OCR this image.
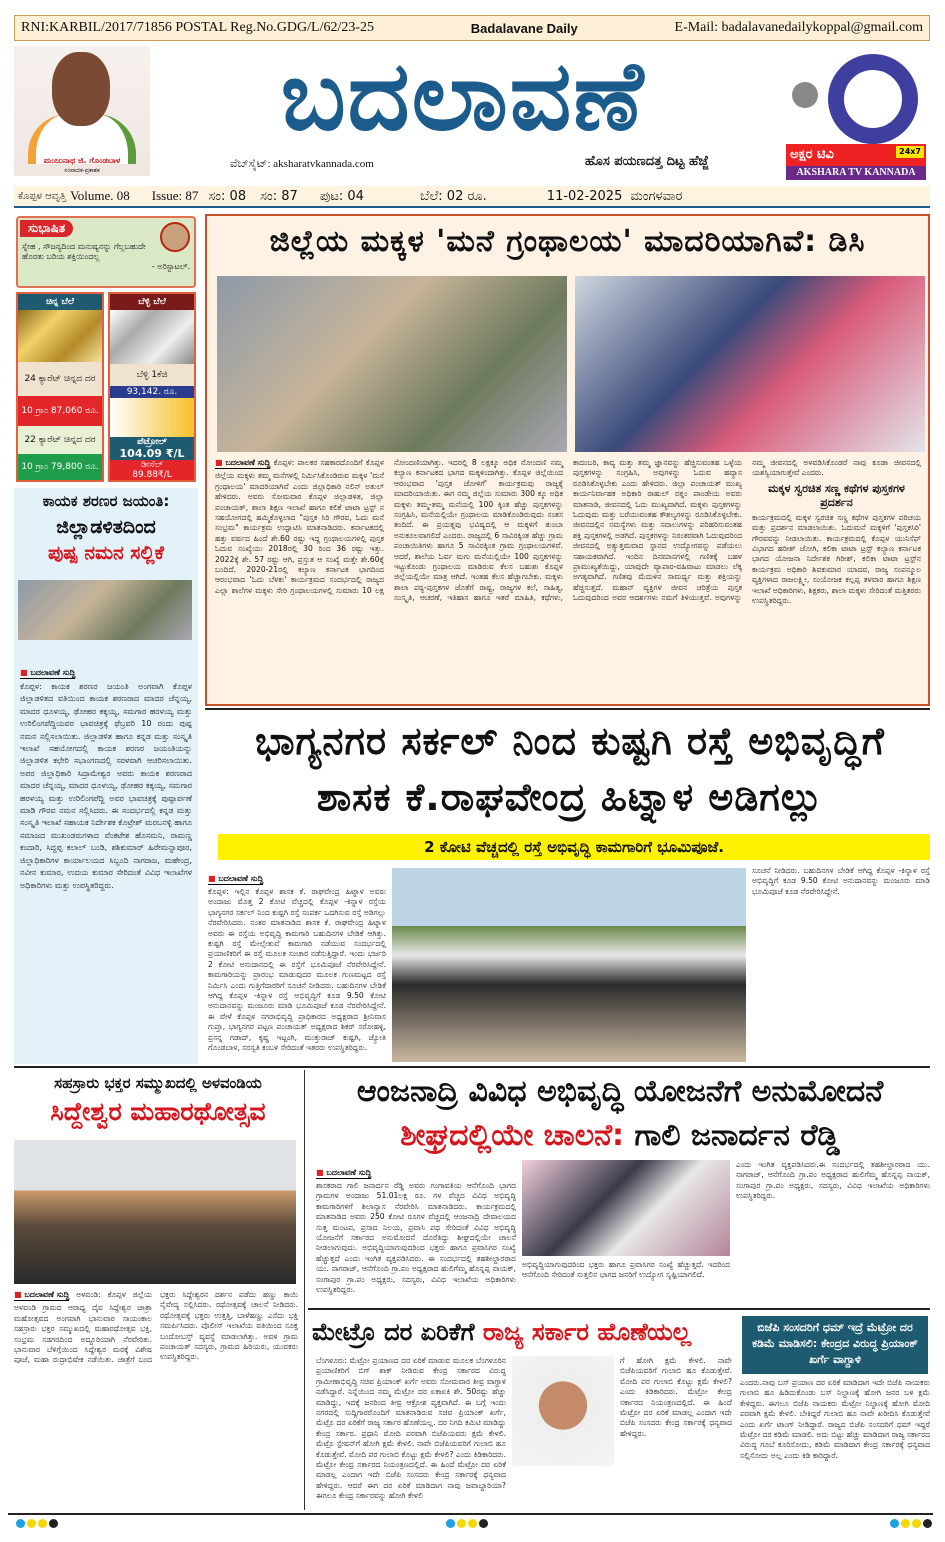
RNI:KARBIL/2017/71856 POSTAL Reg.No.GDG/L/62/23-25	Badalavane Daily	E-Mail: badalavanedailykoppal@gmail.com
ಮಂಜುನಾಥ ಜಿ. ಗೊಂಡಬಾಳ
ಸಂಪಾದಕ-ಪ್ರಕಾಶಕ
ಬದಲಾವಣೆ
ವೆಬ್‌ಸೈಟ್: aksharatvkannada.com	ಹೊಸ ಪಯಣದತ್ತ ದಿಟ್ಟ ಹೆಜ್ಜೆ	ಅಕ್ಷರ ಟಿವಿ	24x7
AKSHARA TV KANNADA
ಕೊಪ್ಪಳ ಆವೃತ್ತಿ Volume. 08 Issue: 87 ಸಂ: 08 ಸಂ: 87 ಪುಟ: 04	ಬೆಲೆ: 02 ರೂ.	11-02-2025 ಮಂಗಳವಾರ
ಸುಭಾಷಿತ
ಸ್ನೇಹ , ಸೌಜನ್ಯದಿಂದ ಮನುಷ್ಯನನ್ನು ಗೆಲ್ಲಬಹುದೇ ಹೊರತು ಬರಿಯ ಶಕ್ತಿಯಿಂದಲ್ಲ
- ಅರಿಸ್ಟಾಟಲ್.
ಚಿನ್ನ ಬೆಲೆ
24 ಕ್ಯಾರೆಟ್ ಚಿನ್ನದ ದರ
10 ಗ್ರಾಂ 87,060 ರೂ.
22 ಕ್ಯಾರೆಟ್ ಚಿನ್ನದ ದರ
10 ಗ್ರಾಂ 79,800 ರೂ.
ಬೆಳ್ಳಿ ಬೆಲೆ
ಬೆಳ್ಳಿ 1ಕೆಜಿ
93,142. ರೂ.
ಪೆಟ್ರೋಲ್
104.09 ₹/L
ಡೀಸೆಲ್
89.88₹/L
ಕಾಯಕ ಶರಣರ ಜಯಂತಿ:
ಜಿಲ್ಲಾಡಳಿತದಿಂದ
ಪುಷ್ಪ ನಮನ ಸಲ್ಲಿಕೆ
■ ಬದಲಾವಣೆ ಸುದ್ದಿ
ಕೊಪ್ಪಳ: ಕಾಯಕ ಶರಣರ ಜಯಂತಿ ಅಂಗವಾಗಿ ಕೊಪ್ಪಳ ಜಿಲ್ಲಾಡಳಿತದ ವತಿಯಿಂದ ಕಾಯಕ ಶರಣರಾದ ಮಾದರ ಚೆನ್ನಯ್ಯ, ಮಾದರ ಧೂಳಯ್ಯ, ಢೋಹರ ಕಕ್ಕಯ್ಯ, ಸಮಗಾರ ಹರಳಯ್ಯ ಮತ್ತು ಉರಿಲಿಂಗಪೆದ್ದಿಯವರ ಭಾವಚಿತ್ರಕ್ಕೆ ಫೆಬ್ರವರಿ 10 ರಂದು ಪುಷ್ಪ ನಮನ ಸಲ್ಲಿಸಲಾಯಿತು. ಜಿಲ್ಲಾಡಳಿತ ಹಾಗೂ ಕನ್ನಡ ಮತ್ತು ಸಂಸ್ಕೃತಿ ಇಲಾಖೆ ಸಹಯೋಗದಲ್ಲಿ ಕಾಯಕ ಶರಣರ ಜಯಂತಿಯನ್ನು ಜಿಲ್ಲಾಡಳಿತ ಕಛೇರಿ ಸಭಾಂಗಣದಲ್ಲಿ ಸರಳವಾಗಿ ಆಚರಿಸಲಾಯಿತು. ಅಪರ ಜಿಲ್ಲಾಧಿಕಾರಿ ಸಿದ್ರಾಮೇಶ್ವರ ಅವರು ಕಾಯಕ ಶರಣರಾದ ಮಾದರ ಚೆನ್ನಯ್ಯ, ಮಾದರ ಧೂಳಯ್ಯ, ಢೋಹರ ಕಕ್ಕಯ್ಯ, ಸಮಗಾರ ಹರಳಯ್ಯ ಮತ್ತು ಉರಿಲಿಂಗಪೆದ್ದಿ ಅವರ ಭಾವಚಿತ್ರಕ್ಕೆ ಪುಷ್ಪಾರ್ಪಣೆ ಮಾಡಿ ಗೌರವ ನಮನ ಸಲ್ಲಿಸಿದರು. ಈ ಸಂದರ್ಭದಲ್ಲಿ ಕನ್ನಡ ಮತ್ತು ಸಂಸ್ಕೃತಿ ಇಲಾಖೆ ಸಹಾಯಕ ನಿರ್ದೇಶಕ ಕೊಟ್ರೇಶ್ ಮರಬನಳ್ಳಿ ಹಾಗೂ ಸಮಾಜದ ಮುಖಂಡರುಗಳಾದ ವೆಂಕಟೇಶ ಹೊಸಮನಿ, ರಾಮಣ್ಣ ಕಂದಾರಿ, ಸಿದ್ದಪ್ಪ ಕಲಾಲ್ ಬಂಡಿ, ಶಶಿಕುಮಾರ್ ಹಿರೇಮನ್ನಾಪೂರ, ಜಿಲ್ಲಾಧಿಕಾರಿಗಳ ಕಾರ್ಯಾಲಯದ ಸಿಬ್ಬಂದಿ ನಾಗರಾಜ, ಮಹೇಂದ್ರ, ನವೀನ ಕುಮಾರ, ಉದಯ ಕುಮಾರ ಸೇರಿದಂತೆ ವಿವಿಧ ಇಲಾಖೆಗಳ ಅಧಿಕಾರಿಗಳು ಮತ್ತು ಉಪಸ್ಥಿತರಿದ್ದರು.
ಜಿಲ್ಲೆಯ ಮಕ್ಕಳ 'ಮನೆ ಗ್ರಂಥಾಲಯ' ಮಾದರಿಯಾಗಿವೆ: ಡಿಸಿ
■ ಬದಲಾವಣೆ ಸುದ್ದಿ ಕೊಪ್ಪಳ: ಪಾಲಕರ ಸಹಕಾರದೊಂದಿಗೆ ಕೊಪ್ಪಳ ಜಿಲ್ಲೆಯ ಮಕ್ಕಳು ತಮ್ಮ ಮನೆಗಳಲ್ಲಿ ನಿರ್ಮಿಸಿಕೊಂಡಿರುವ ಮಕ್ಕಳ 'ಮನೆ ಗ್ರಂಥಾಲಯ' ಮಾದರಿಯಾಗಿವೆ ಎಂದು ಜಿಲ್ಲಾಧಿಕಾರಿ ನಲಿನ್ ಅತುಲ್ ಹೇಳಿದರು. ಅವರು ಸೋಮವಾರ ಕೊಪ್ಪಳ ಜಿಲ್ಲಾಡಳಿತ, ಜಿಲ್ಲಾ ಪಂಚಾಯತ್, ಶಾಲಾ ಶಿಕ್ಷಣ ಇಲಾಖೆ ಹಾಗೂ ಕಲಿಕೆ ಟಾಟಾ ಟ್ರಸ್ಟ್ ನ ಸಹಯೋಗದಲ್ಲಿ ಹಮ್ಮಿಕೊಳ್ಳಲಾದ "ಪುಸ್ತಕ ಸಿರಿ ಗೌರವ, ಓದು ಮನೆ ಸಂಭ್ರಮ" ಕಾರ್ಯಕ್ರಮ ಉದ್ಘಾಟಿಸಿ ಮಾತನಾಡಿದರು. ಕರ್ನಾಟಕದಲ್ಲಿ ಹತ್ತು ವರ್ಷದ ಹಿಂದೆ ಶೇ.60 ರಷ್ಟು ಇದ್ದ ಗ್ರಂಥಾಲಯಗಳಲ್ಲಿ ಪುಸ್ತಕ ಓದುವ ಸಂಖ್ಯೆಯು 2018ರಲ್ಲಿ 30 ರಿಂದ 36 ರಷ್ಟು ಇತ್ತು. 2022ಕ್ಕೆ ಶೇ. 57 ರಷ್ಟು ಆಗಿ, ಪ್ರಸ್ತುತ ಆ ಸಂಖ್ಯೆ ಮತ್ತೇ ಶೇ.60ಕ್ಕೆ ಬಂದಿದೆ. 2020-21ರಲ್ಲಿ ಕಲ್ಯಾಣ ಕರ್ನಾಟಕ ಭಾಗದಿಂದ ಆರಂಭವಾದ 'ಓದು ಬೆಳಕು' ಕಾರ್ಯಕ್ರಮದ ಸಂದರ್ಭದಲ್ಲಿ ರಾಜ್ಯದ ಎಲ್ಲಾ ಶಾಲೆಗಳ ಮಕ್ಕಳು ಸೇರಿ ಗ್ರಂಥಾಲಯಗಳಲ್ಲಿ ಸುಮಾರು 10 ಲಕ್ಷ ನೋಂದಣಿಯಾಗಿತ್ತು. ಇದರಲ್ಲಿ 8 ಲಕ್ಷಕ್ಕೂ ಅಧಿಕ ನೋಂದಣಿ ನಮ್ಮ ಕಲ್ಯಾಣ ಕರ್ನಾಟಕದ ಭಾಗದ ಮಕ್ಕಳಿಂದಾಗಿತ್ತು. ಕೊಪ್ಪಳ ಜಿಲ್ಲೆಯಿಂದ ಆರಂಭವಾದ 'ಪುಸ್ತಕ ಜೋಳಿಗೆ' ಕಾರ್ಯಕ್ರಮವು ರಾಜ್ಯಕ್ಕೆ ಮಾದರಿಯಾಯಿತು. ಈಗ ನಮ್ಮ ಜಿಲ್ಲೆಯ ಸುಮಾರು 300 ಕ್ಕೂ ಅಧಿಕ ಮಕ್ಕಳು ತಮ್ಮ-ತಮ್ಮ ಮನೆಯಲ್ಲಿ 100 ಕ್ಕಿಂತ ಹೆಚ್ಚು ಪುಸ್ತಕಗಳನ್ನು ಸಂಗ್ರಹಿಸಿ, ಮನೆಯಲ್ಲಿಯೇ ಗ್ರಂಥಾಲಯ ಮಾಡಿಕೊಂಡಿರುವುದು ಸಂತಸ ತಂದಿದೆ. ಈ ಪ್ರಯತ್ನವು ಭವಿಷ್ಯದಲ್ಲಿ ಆ ಮಕ್ಕಳಿಗೆ ತುಂಬಾ ಅನುಕೂಲವಾಗಲಿದೆ ಎಂದರು. ರಾಜ್ಯದಲ್ಲಿ 6 ಸಾವಿರಕ್ಕಿಂತ ಹೆಚ್ಚು ಗ್ರಾಮ ಪಂಚಾಯಿತಿಗಳು ಹಾಗೂ 5 ಸಾವಿರಕ್ಕಿಂತ ಗ್ರಾಮ ಗ್ರಂಥಾಲಯಗಳಿವೆ. ಆದರೆ, ಶಾಲೆಯ ಓರ್ವ ಮಗು ಮನೆಯಲ್ಲಿಯೇ 100 ಪುಸ್ತಕಗಳನ್ನು ಇಟ್ಟುಕೊಂಡು ಗ್ರಂಥಾಲಯ ಮಾಡಿರುವ ಕೆಲಸ ಬಹುಶಃ ಕೊಪ್ಪಳ ಜಿಲ್ಲೆಯಲ್ಲಿಯೇ ಮಾತ್ರ ಆಗಿದೆ. ಇಂತಹ ಕೆಲಸ ಹೆಚ್ಚಾಗಬೇಕು. ಮಕ್ಕಳು ಶಾಲಾ ಪಠ್ಯ-ಪುಸ್ತಕಗಳ ಜೊತೆಗೆ ರಾಷ್ಟ್ರ, ರಾಜ್ಯಗಳ ಕಲೆ, ಸಾಹಿತ್ಯ, ಸಂಸ್ಕೃತಿ, ಆಚರಣೆ, ಇತಿಹಾಸ ಹಾಗೂ ಇತರೆ ಮಾಹಿತಿ, ಕಥೆಗಳು, ಕಾದಂಬರಿ, ಕಾವ್ಯ ಮತ್ತು ತಮ್ಮ ಜ್ಞಾನವನ್ನು ಹೆಚ್ಚಿಸುವಂತಹ ಒಳ್ಳೆಯ ಪುಸ್ತಕಗಳನ್ನು ಸಂಗ್ರಹಿಸಿ, ಅವುಗಳನ್ನು ಓದುವ ಹವ್ಯಾಸ ರೂಡಿಸಿಕೊಳ್ಳಬೇಕು ಎಂದು ಹೇಳಿದರು. ಜಿಲ್ಲಾ ಪಂಚಾಯತ್ ಮುಖ್ಯ ಕಾರ್ಯನಿರ್ವಾಹಕ ಅಧಿಕಾರಿ ರಾಹುಲ್ ರತ್ನಂ ಪಾಂಡೇಯ ಅವರು ಮಾತನಾಡಿ, ಜೀವನದಲ್ಲಿ ಓದು ಮುಖ್ಯವಾಗಿದೆ. ಮಕ್ಕಳು ಪುಸ್ತಕಗಳನ್ನು ಓದುವುದು ಮತ್ತು ಬರೆಯುವಂತಹ ಕೌಶಲ್ಯಗಳನ್ನು ರೂಡಿಸಿಕೊಳ್ಳಬೇಕು. ಜೀವನದಲ್ಲಿನ ಸಮಸ್ಯೆಗಳು ಮತ್ತು ಸವಾಲುಗಳನ್ನು ಪರಿಹರಿಸುವಂತಹ ಶಕ್ತಿ ಪುಸ್ತಕಗಳಲ್ಲಿ ಅಡಗಿದೆ. ಪುಸ್ತಕಗಳನ್ನು ನಿರಂತರವಾಗಿ ಓದುವುದರಿಂದ ಜೀವನದಲ್ಲಿ ಅತ್ಯುತ್ತಮವಾದ ಸ್ಥಾನದ ಉದ್ಯೋಗವನ್ನು ಪಡೆಯಲು ಸಹಾಯಕವಾಗಿದೆ. ಇಂದಿನ ದಿನಮಾನಗಳಲ್ಲಿ ಗಣಿತಕ್ಕೆ ಬಹಳ ಪ್ರಾಮುಖ್ಯತೆಯಿದ್ದು, ಯಾವುದೇ ವ್ಯಾಪಾರ-ವಹಿವಾಟು ಮಾಡಲು ಲೆಕ್ಕ ಅಗತ್ಯವಾಗಿದೆ. ಗಣಿತವು ಮೆದುಳಿನ ಸಾಮರ್ಥ್ಯ ಮತ್ತು ಶಕ್ತಿಯನ್ನು ಹೆಚ್ಚಿಸುತ್ತದೆ. ಮಹಾನ್ ವ್ಯಕ್ತಿಗಳ ಜೀವನ ಚರಿತ್ರೆಯ ಪುಸ್ತಕ ಓದುವುದರಿಂದ ಅವರ ಆದರ್ಶಗಳು ನಮಗೆ ತಿಳಿಯುತ್ತವೆ. ಅವುಗಳನ್ನು ನಮ್ಮ ಜೀವನದಲ್ಲಿ ಅಳವಡಿಸಿಕೊಂಡರೆ ನಾವು ಕೂಡಾ ಜೀವನದಲ್ಲಿ ಯಶಸ್ವಿಯಾಗುತ್ತೇವೆ ಎಂದರು.
ಮಕ್ಕಳ ಸ್ವರಚಿತ ಸಣ್ಣ ಕಥೆಗಳ ಪುಸ್ತಕಗಳ ಪ್ರದರ್ಶನ
ಕಾರ್ಯಕ್ರಮದಲ್ಲಿ ಮಕ್ಕಳ ಸ್ವರಚಿತ ಸಣ್ಣ ಕಥೆಗಳ ಪುಸ್ತಕಗಳ ಪರಿಚಯ ಮತ್ತು ಪ್ರದರ್ಶನ ಮಾಡಲಾಯಿತು. ಓದುಮನೆ ಮಕ್ಕಳಿಗೆ 'ಪುಸ್ತಕಸಿರಿ' ಗೌರವವನ್ನು ನೀಡಲಾಯಿತು. ಕಾರ್ಯಕ್ರಮದಲ್ಲಿ ಕೊಪ್ಪಳ ಯುನಿಸೆಫ್ ವಿಭಾಗದ ಹರೀಶ್ ಜೋಗಿ, ಕಲಿಕಾ ಟಾಟಾ ಟ್ರಸ್ಟ್ ಕಲ್ಯಾಣ ಕರ್ನಾಟಕ ಭಾಗದ ಯೋಜನಾ ನಿರ್ದೇಶಕ ಗಿರೀಶ್, ಕಲಿಕಾ ಟಾಟಾ ಟ್ರಸ್ಟ್‌ನ ಕಾರ್ಯಕ್ರಮ ಅಧಿಕಾರಿ ಶಿವಕುಮಾರ ಯಾದವ, ರಾಜ್ಯ ಸಂಪನ್ಮೂಲ ವ್ಯಕ್ತಿಗಳಾದ ರಾಜಲಕ್ಷ್ಮೀ, ಸಂಯೋಜಕ ಕಲ್ಲಪ್ಪ ತಳವಾರ ಹಾಗೂ ಶಿಕ್ಷಣ ಇಲಾಖೆ ಅಧಿಕಾರಿಗಳು, ಶಿಕ್ಷಕರು, ಶಾಲಾ ಮಕ್ಕಳು ಸೇರಿದಂತೆ ಮತ್ತಿತರರು ಉಪಸ್ಥಿತರಿದ್ದರು.
ಭಾಗ್ಯನಗರ ಸರ್ಕಲ್ ನಿಂದ ಕುಷ್ಟಗಿ ರಸ್ತೆ ಅಭಿವೃದ್ಧಿಗೆ
ಶಾಸಕ ಕೆ.ರಾಘವೇಂದ್ರ ಹಿಟ್ನಾಳ ಅಡಿಗಲ್ಲು
2 ಕೋಟಿ ವೆಚ್ಚದಲ್ಲಿ ರಸ್ತೆ ಅಭಿವೃದ್ಧಿ ಕಾಮಗಾರಿಗೆ ಭೂಮಿಪೂಜೆ.
■ ಬದಲಾವಣೆ ಸುದ್ದಿ
ಕೊಪ್ಪಳ: ಇಲ್ಲಿನ ಕೊಪ್ಪಳ ಶಾಸಕ ಕೆ. ರಾಘವೇಂದ್ರ ಹಿಟ್ನಾಳ ಅವರು ಅಂದಾಜು ಮೊತ್ತ 2 ಕೋಟಿ ವೆಚ್ಚದಲ್ಲಿ ಕೊಪ್ಪಳ -ಕಿನ್ನಾಳ ರಸ್ತೆಯ ಭಾಗ್ಯನಗರ ಸರ್ಕಲ್ ನಿಂದ ಕುಷ್ಟಗಿ ರಸ್ತೆ ಸಂಪರ್ಕ ಒದಗಿಸುವ ರಸ್ತೆ ಅಡಿಗಲ್ಲು ನೆರವೇರಿಸಿದರು. ನಂತರ ಮಾತನಾಡಿದ ಶಾಸಕ ಕೆ. ರಾಘವೇಂದ್ರ ಹಿಟ್ನಾಳ ಅವರು ಈ ರಸ್ತೆಯ ಅಭಿವೃದ್ಧಿ ಕಾಮಗಾರಿ ಬಹುದಿನಗಳ ಬೇಡಿಕೆ ಆಗಿತ್ತು. ಕುಷ್ಟಗಿ ರಸ್ತೆ ಮೇಲ್ಸೇತುವೆ ಕಾಮಗಾರಿ ನಡೆಯುವ ಸಂದರ್ಭದಲ್ಲಿ ಪ್ರಯಾಣಿಕರಿಗೆ ಈ ರಸ್ತೆ ಮೂಲಕ ಸಂಚಾರ ನಡೆಸುತ್ತಿದ್ದಾರೆ. ಇಂದು ಭರ್ಜರಿ 2 ಕೋಟಿ ಅನುದಾನದಲ್ಲಿ ಈ ರಸ್ತೆಗೆ ಭೂಮಿಪೂಜೆ ನೆರವೇರಿಸಿದ್ದೇನೆ. ಕಾಮಗಾರಿಯನ್ನು ಪ್ರಾರಂಭ ಮಾಡುವುದರ ಮೂಲಕ ಗುಣಮಟ್ಟದ ರಸ್ತೆ ನಿರ್ಮಿಸಿ ಎಂದು ಗುತ್ತಿಗೆದಾರರಿಗೆ ಸೂಚನೆ ನೀಡಿದರು. ಬಹುದಿನಗಳ ಬೇಡಿಕೆ ಆಗಿದ್ದ ಕೊಪ್ಪಳ -ಕಿನ್ನಾಳ ರಸ್ತೆ ಅಭಿವೃದ್ಧಿಗೆ ಕೂಡ 9.50 ಕೋಟಿ ಅನುದಾನವನ್ನು ಮಂಜೂರು ಮಾಡಿ ಭೂಮಿಪೂಜೆ ಕೂಡ ನೆರವೇರಿಸಿದ್ದೇನೆ. ಈ ವೇಳೆ ಕೊಪ್ಪಳ ನಗರಾಭಿವೃದ್ಧಿ ಪ್ರಾಧಿಕಾರದ ಅಧ್ಯಕ್ಷರಾದ ಶ್ರೀನಿವಾಸ ಗುಪ್ತಾ, ಭಾಗ್ಯನಗರ ಪಟ್ಟಣ ಪಂಚಾಯತ್ ಅಧ್ಯಕ್ಷರಾದ ಶಿಕರ್ ಸರೋಹಳ್ಳಿ, ಪ್ರಸನ್ನ ಗಡಾದ್, ಕೃಷ್ಣ ಇಟ್ಟಂಗಿ, ಮುತ್ತುರಾಜ್ ಕುಷ್ಟಗಿ, ಜ್ಯೋತಿ ಗೊಂಡಬಾಳ, ಸರಸ್ವತಿ ಕಂಬಳಿ ಸೇರಿದಂತೆ ಇತರರು ಉಪಸ್ಥಿತರಿದ್ದರು.
ಸೂಚನೆ ನೀಡಿದರು. ಬಹುದಿನಗಳ ಬೇಡಿಕೆ ಆಗಿದ್ದ ಕೊಪ್ಪಳ -ಕಿನ್ನಾಳ ರಸ್ತೆ ಅಭಿವೃದ್ಧಿಗೆ ಕೂಡ 9.50 ಕೋಟಿ ಅನುದಾನವನ್ನು ಮಂಜೂರು ಮಾಡಿ ಭೂಮಿಪೂಜೆ ಕೂಡ ನೆರವೇರಿಸಿದ್ದೇನೆ.
ಸಹಸ್ರಾರು ಭಕ್ತರ ಸಮ್ಮುಖದಲ್ಲಿ ಅಳವಂಡಿಯ
ಸಿದ್ದೇಶ್ವರ ಮಹಾರಥೋತ್ಸವ
■ ಬದಲಾವಣೆ ಸುದ್ದಿ ಅಳವಂಡಿ: ಕೊಪ್ಪಳ ಜಿಲ್ಲೆಯ ಅಳವಂಡಿ ಗ್ರಾಮದ ಆರಾಧ್ಯ ದೈವ ಸಿದ್ದೇಶ್ವರ ಜಾತ್ರಾ ಮಹೋತ್ಸವದ ಅಂಗವಾಗಿ ಭಾನುವಾರ ಸಾಯಂಕಾಲ ಸಹಸ್ರಾರು ಭಕ್ತರ ಸಮ್ಮುಖದಲ್ಲಿ ಮಹಾರಥೋತ್ಸವ ಭಕ್ತಿ, ಸಂಭ್ರಮ ಸಡಗರದಿಂದ ಅದ್ದೂರಿಯಾಗಿ ನೆರವೇರಿತು. ಭಾನುವಾರ ಬೆಳಿಗ್ಗೆಯಿಂದ ಸಿದ್ದೇಶ್ವರ ಮಠಕ್ಕೆ ವಿಶೇಷ ಪೂಜೆ, ಮಹಾ ರುದ್ರಾಭಿಷೇಕ ನಡೆಯಿತು. ಜಾತ್ರೆಗೆ ಬಂದ ಭಕ್ತರು ಸಿದ್ದೇಶ್ವರನ ದರ್ಶನ ಪಡೆದು ಹಣ್ಣು ಕಾಯಿ ನೈವೇದ್ಯ ಸಲ್ಲಿಸಿದರು. ರಥೋತ್ಸವಕ್ಕೆ ಚಾಲನೆ ನೀಡಿದರು. ರಥೋತ್ಸವಕ್ಕೆ ಭಕ್ತರು ಉತ್ತತ್ತಿ, ಬಾಳೆಹಣ್ಣು ಎಸೆದು ಭಕ್ತಿ ಸಮರ್ಪಿಸಿದರು. ಪೊಲೀಸ್ ಇಲಾಖೆಯ ವತಿಯಿಂದ ಸೂಕ್ತ ಬಂದೋಬಸ್ತ್ ವ್ಯವಸ್ಥೆ ಮಾಡಲಾಗಿತ್ತು. ಅವಳಿ ಗ್ರಾಮ ಪಂಚಾಯತ್ ಸದಸ್ಯರು, ಗ್ರಾಮದ ಹಿರಿಯರು, ಯುವಕರು ಉಪಸ್ಥಿತರಿದ್ದರು.
ಆಂಜನಾದ್ರಿ ವಿವಿಧ ಅಭಿವೃದ್ಧಿ ಯೋಜನೆಗೆ ಅನುಮೋದನೆ
ಶೀಘ್ರದಲ್ಲಿಯೇ ಚಾಲನೆ: ಗಾಲಿ ಜನಾರ್ದನ ರೆಡ್ಡಿ
■ ಬದಲಾವಣೆ ಸುದ್ದಿ
ಶಾಸಕರಾದ ಗಾಲಿ ಜನಾರ್ದನ ರೆಡ್ಡಿ ಅವರು ಗಂಗಾವತಿಯ ಆನೆಗೊಂದಿ ಭಾಗದ ಗ್ರಾಮಗಳ ಅಂದಾಜು 51.01ಲಕ್ಷ ರೂ. ಗಳ ವೆಚ್ಚದ ವಿವಿಧ ಅಭಿವೃದ್ಧಿ ಕಾಮಗಾರಿಗಳಿಗೆ ಶಿಲಾನ್ಯಾಸ ನೆರವೇರಿಸಿ ಮಾತನಾಡಿದರು. ಕಾರ್ಯಕ್ರಮದಲ್ಲಿ ಮಾತನಾಡಿದ ಅವರು 250 ಕೋಟಿ ರೂಗಳ ವೆಚ್ಚದಲ್ಲಿ ಆಂಜನಾದ್ರಿ ದೇವಾಲಯದ ಸುತ್ತ ಮಂಟಪ, ಪ್ರಸಾದ ನಿಲಯ, ಪ್ರವಾಸಿ ಪಥ ಸೇರಿದಂತೆ ವಿವಿಧ ಅಭಿವೃದ್ಧಿ ಯೋಜನೆಗೆ ಸರ್ಕಾರದ ಅನುಮೋದನೆ ದೊರೆತಿದ್ದು ಶೀಘ್ರದಲ್ಲಿಯೇ ಚಾಲನೆ ನೀಡಲಾಗುವುದು. ಅಭಿವೃದ್ಧಿಯಾಗುವುದರಿಂದ ಭಕ್ತರು ಹಾಗೂ ಪ್ರವಾಸಿಗರ ಸಂಖ್ಯೆ ಹೆಚ್ಚುತ್ತದೆ ಎಂದು ಇಂಗಿತ ವ್ಯಕ್ತಪಡಿಸಿದರು. ಈ ಸಂದರ್ಭದಲ್ಲಿ ತಹಶೀಲ್ದಾರರಾದ ಯು. ನಾಗರಾಜ್, ಆನೆಗೊಂದಿ ಗ್ರಾ.ಪಂ ಅಧ್ಯಕ್ಷರಾದ ಹುಲಿಗೆಮ್ಮ ಹೊನ್ನಪ್ಪ ನಾಯಕ್, ಸಂಗಾಪುರ ಗ್ರಾ.ಪಂ ಅಧ್ಯಕ್ಷರು, ಸದಸ್ಯರು, ವಿವಿಧ ಇಲಾಖೆಯ ಅಧಿಕಾರಿಗಳು ಉಪಸ್ಥಿತರಿದ್ದರು.
ಅಭಿವೃದ್ಧಿಯಾಗುವುದರಿಂದ ಭಕ್ತರು ಹಾಗೂ ಪ್ರವಾಸಿಗರ ಸಂಖ್ಯೆ ಹೆಚ್ಚುತ್ತದೆ. ಇದರಿಂದ ಆನೆಗೊಂದಿ ಸೇರಿದಂತೆ ಸುತ್ತಲಿನ ಭಾಗದ ಜನರಿಗೆ ಉದ್ಯೋಗ ಸೃಷ್ಟಿಯಾಗಲಿದೆ.
ಎಂದು ಇಂಗಿತ ವ್ಯಕ್ತಪಡಿಸಿದರು.ಈ ಸಂದರ್ಭದಲ್ಲಿ ತಹಶೀಲ್ದಾರರಾದ ಯು. ನಾಗರಾಜ್, ಆನೆಗೊಂದಿ ಗ್ರಾ.ಪಂ ಅಧ್ಯಕ್ಷರಾದ ಹುಲಿಗೆಮ್ಮ ಹೊನ್ನಪ್ಪ ನಾಯಕ್, ಸಂಗಾಪುರ ಗ್ರಾ.ಪಂ ಅಧ್ಯಕ್ಷರು, ಸದಸ್ಯರು, ವಿವಿಧ ಇಲಾಖೆಯ ಅಧಿಕಾರಿಗಳು ಉಪಸ್ಥಿತರಿದ್ದರು.
ಮೇಟ್ರೊ ದರ ಏರಿಕೆಗೆ ರಾಜ್ಯ ಸರ್ಕಾರ ಹೊಣೆಯಲ್ಲ
ಬೆಂಗಳೂರು: ಮೆಟ್ರೋ ಪ್ರಯಾಣದ ದರ ಏರಿಕೆ ಮಾಡುವ ಮೂಲಕ ಬೆಂಗಳೂರಿನ ಪ್ರಯಾಣಿಕರಿಗೆ ಬಿಗ್ ಶಾಕ್ ನೀಡಿರುವ ಕೇಂದ್ರ ಸರ್ಕಾರದ ವಿರುದ್ಧ ಗ್ರಾಮೀಣಾಭಿವೃದ್ಧಿ ಸಚಿವ ಪ್ರಿಯಾಂಕ್ ಖರ್ಗೆ ಅವರು ಸೋಮವಾರ ತೀವ್ರ ವಾಗ್ದಾಳಿ ನಡೆಸಿದ್ದಾರೆ. ನಿನ್ನೆಯಿಂದ ನಮ್ಮ ಮೆಟ್ರೋ ದರ ಏಕಾಏಕಿ ಶೇ. 50ರಷ್ಟು ಹೆಚ್ಚು ಮಾಡಿದ್ದು, ಇದಕ್ಕೆ ಜನರಿಂದ ತೀವ್ರ ಆಕ್ರೋಶ ವ್ಯಕ್ತವಾಗಿದೆ. ಈ ಬಗ್ಗೆ ಇಂದು ನಗರದಲ್ಲಿ ಸುದ್ದಿಗಾರರೊಂದಿಗೆ ಮಾತನಾಡಿರುವ ಸಚಿವ ಪ್ರಿಯಾಂಕ್ ಖರ್ಗೆ, ಮೆಟ್ರೊ ದರ ಏರಿಕೆಗೆ ರಾಜ್ಯ ಸರ್ಕಾರ ಹೊಣೆಯಲ್ಲ. ದರ ನಿಗದಿ ಕಮಿಟಿ ಮಾಡಿದ್ದು ಕೇಂದ್ರ ಸರ್ಕಾರ. ಪ್ರಧಾನಿ ಮೋದಿ ಪರವಾಗಿ ಬಿಜೆಪಿಯವರು ಕ್ಷಮೆ ಕೇಳಲಿ. ಮೆಟ್ರೊ ಸ್ಟೇಷನ್‌ಗೆ ಹೋಗಿ ಕ್ಷಮೆ ಕೇಳಲಿ. ನಾವೇ ಬಿಜೆಪಿಯವರಿಗೆ ಗುಲಾಬಿ ಹೂ ಕೊಡುತ್ತೇವೆ. ಮೋದಿ ಪರ ಗುಲಾಬಿ ಕೊಟ್ಟು ಕ್ಷಮೆ ಕೇಳಲಿ? ಎಂದು ಕಿಡಿಕಾರಿದರು. ಮೆಟ್ರೋ ಕೇಂದ್ರ ಸರ್ಕಾರದ ನಿಯಂತ್ರಣದಲ್ಲಿದೆ. ಈ ಹಿಂದೆ ಮೆಟ್ರೋ ದರ ಏರಿಕೆ ಮಾಡಲ್ಲ ಎಂದಾಗ ಇದೇ ಬಿಜೆಪಿ ಸಂಸದರು ಕೇಂದ್ರ ಸರ್ಕಾರಕ್ಕೆ ಧನ್ಯವಾದ ಹೇಳಿದ್ದರು. ಆದರೆ ಈಗ ದರ ಏರಿಕೆ ಮಾಡಿದಾಗ ನಾವು ಜವಾಬ್ದಾರಿಯಾ? ಈಗಲೂ ಕೇಂದ್ರ ಸರ್ಕಾರವನ್ನು ಹೋಗಿ ಕೇಳಲಿ
ಗೆ ಹೋಗಿ ಕ್ಷಮೆ ಕೇಳಲಿ. ನಾವೇ ಬಿಜೆಪಿಯವರಿಗೆ ಗುಲಾಬಿ ಹೂ ಕೊಡುತ್ತೇವೆ. ಮೋದಿ ಪರ ಗುಲಾಬಿ ಕೊಟ್ಟು ಕ್ಷಮೆ ಕೇಳಲಿ? ಎಂದು ಕಿಡಿಕಾರಿದರು. ಮೆಟ್ರೋ ಕೇಂದ್ರ ಸರ್ಕಾರದ ನಿಯಂತ್ರಣದಲ್ಲಿದೆ. ಈ ಹಿಂದೆ ಮೆಟ್ರೋ ದರ ಏರಿಕೆ ಮಾಡಲ್ಲ ಎಂದಾಗ ಇದೇ ಬಿಜೆಪಿ ಸಂಸದರು ಕೇಂದ್ರ ಸರ್ಕಾರಕ್ಕೆ ಧನ್ಯವಾದ ಹೇಳಿದ್ದರು.
ಬಿಜೆಪಿ ಸಂಸದರಿಗೆ ಧಮ್ ಇದ್ರೆ ಮೆಟ್ರೋ ದರ ಕಡಿಮೆ ಮಾಡಿಸಲಿ: ಕೇಂದ್ರದ ವಿರುದ್ಧ ಪ್ರಿಯಾಂಕ್ ಖರ್ಗೆ ವಾಗ್ದಾಳಿ
ಎಂದರು.ನಾವು ಬಸ್ ಪ್ರಯಾಣ ದರ ಏರಿಕೆ ಮಾಡಿದಾಗ ಇದೇ ಬಿಜೆಪಿ ನಾಯಕರು ಗುಲಾಬಿ ಹೂ ಹಿಡಿದುಕೊಂಡು ಬಸ್ ನಿಲ್ದಾಣಕ್ಕೆ ಹೋಗಿ ಜನರ ಬಳಿ ಕ್ಷಮೆ ಕೇಳಿದ್ದರು. ಈಗಲೂ ಬಿಜೆಪಿ ನಾಯಕರು ಮೆಟ್ರೋ ನಿಲ್ದಾಣಕ್ಕೆ ಹೋಗಿ ಮೋದಿ ಪರವಾಗಿ ಕ್ಷಮೆ ಕೇಳಲಿ. ಬೇಕಿದ್ದರೆ ಗುಲಾಬಿ ಹೂ ನಾವೇ ಖರೀದಿಸಿ ಕೊಡುತ್ತೇವೆ ಎಂದು ಖರ್ಗೆ ಟಾಂಗ್ ನೀಡಿದ್ದಾರೆ. ರಾಜ್ಯದ ಬಿಜೆಪಿ ಸಂಸದರಿಗೆ ಧಮ್ ಇದ್ದರೆ ಮೆಟ್ರೋ ದರ ಕಡಿಮೆ ಮಾಡಲಿ. ಅದು ಬಿಟ್ಟು ಹೆಚ್ಚು ಮಾಡಿದಾಗ ರಾಜ್ಯ ಸರ್ಕಾರದ ವಿರುದ್ಧ ಗೂಬೆ ಕೂರಿಸೋದು, ಕಡಿಮೆ ಮಾಡಿದಾಗ ಕೇಂದ್ರ ಸರ್ಕಾರಕ್ಕೆ ಧನ್ಯವಾದ ಸಲ್ಲಿಸೋದು ಅಲ್ಲ ಎಂದು ಕಿಡಿ ಕಾರಿದ್ದಾರೆ.
